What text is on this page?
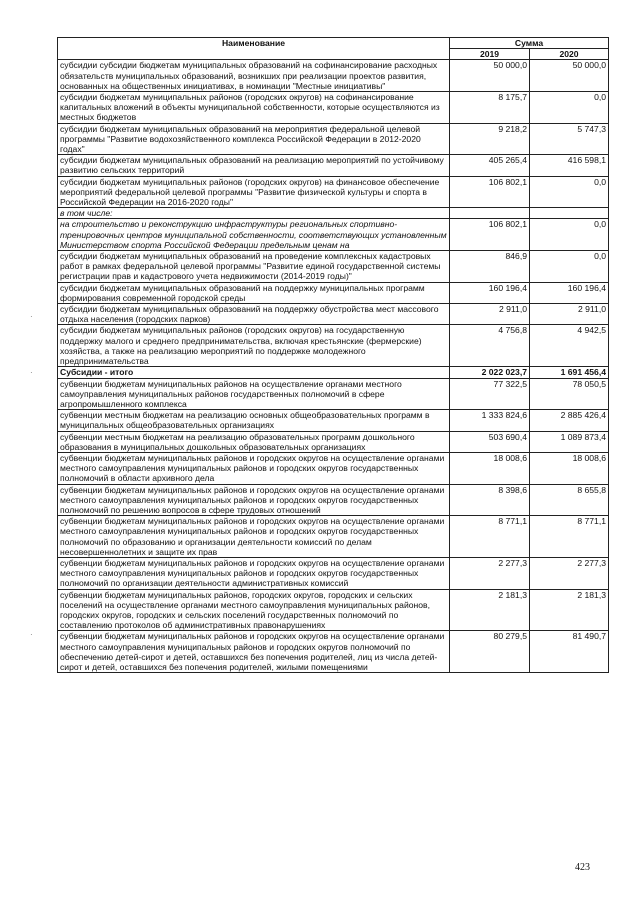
Наименование	Сумма	
	2019	2020
субсидии субсидии бюджетам муниципальных образований на софинансирование расходных обязательств муниципальных образований, возникших при реализации проектов развития, основанных на общественных инициативах, в номинации "Местные инициативы"	50 000,0	50 000,0
субсидии бюджетам муниципальных районов (городских округов) на софинансирование капитальных вложений в объекты муниципальной собственности, которые осуществляются из местных бюджетов	8 175,7	0,0
субсидии бюджетам муниципальных образований на мероприятия федеральной целевой программы "Развитие водохозяйственного комплекса Российской Федерации в 2012-2020 годах"	9 218,2	5 747,3
субсидии бюджетам муниципальных образований на реализацию мероприятий по устойчивому развитию сельских территорий	405 265,4	416 598,1
субсидии бюджетам муниципальных районов (городских округов) на финансовое обеспечение мероприятий федеральной целевой программы "Развитие физической культуры и спорта в Российской Федерации на 2016-2020 годы"	106 802,1	0,0
в том числе:		
на строительство и реконструкцию инфраструктуры региональных спортивно-тренировочных центров муниципальной собственности, соответствующих установленным Министерством спорта Российской Федерации предельным ценам на	106 802,1	0,0
субсидии бюджетам муниципальных образований на проведение комплексных кадастровых работ в рамках федеральной целевой программы "Развитие единой государственной системы регистрации прав и кадастрового учета недвижимости (2014-2019 годы)"	846,9	0,0
субсидии бюджетам муниципальных образований на поддержку муниципальных программ формирования современной городской среды	160 196,4	160 196,4
субсидии бюджетам муниципальных образований на поддержку обустройства мест массового отдыха населения (городских парков)	2 911,0	2 911,0
субсидии бюджетам муниципальных районов (городских округов) на государственную поддержку малого и среднего предпринимательства, включая крестьянские (фермерские) хозяйства, а также на реализацию мероприятий по поддержке молодежного предпринимательства	4 756,8	4 942,5
Субсидии - итого	2 022 023,7	1 691 456,4
субвенции бюджетам муниципальных районов на осуществление органами местного самоуправления муниципальных районов государственных полномочий в сфере агропромышленного комплекса	77 322,5	78 050,5
субвенции местным бюджетам на реализацию основных общеобразовательных программ в муниципальных общеобразовательных организациях	1 333 824,6	2 885 426,4
субвенции местным бюджетам на реализацию образовательных программ дошкольного образования в муниципальных дошкольных образовательных организациях	503 690,4	1 089 873,4
субвенции бюджетам муниципальных районов и городских округов на осуществление органами местного самоуправления муниципальных районов и городских округов государственных полномочий в области архивного дела	18 008,6	18 008,6
субвенции бюджетам муниципальных районов и городских округов на осуществление органами местного самоуправления муниципальных районов и городских округов государственных полномочий по решению вопросов в сфере трудовых отношений	8 398,6	8 655,8
субвенции бюджетам муниципальных районов и городских округов на осуществление органами местного самоуправления муниципальных районов и городских округов государственных полномочий по образованию и организации деятельности комиссий по делам несовершеннолетних и защите их прав	8 771,1	8 771,1
субвенции бюджетам муниципальных районов и городских округов на осуществление органами местного самоуправления муниципальных районов и городских округов государственных полномочий по организации деятельности административных комиссий	2 277,3	2 277,3
субвенции бюджетам муниципальных районов, городских округов, городских и сельских поселений на осуществление органами местного самоуправления муниципальных районов, городских округов, городских и сельских поселений государственных полномочий по составлению протоколов об административных правонарушениях	2 181,3	2 181,3
субвенции бюджетам муниципальных районов и городских округов на осуществление органами местного самоуправления муниципальных районов и городских округов полномочий по обеспечению детей-сирот и детей, оставшихся без попечения родителей, лиц из числа детей-сирот и детей, оставшихся без попечения родителей, жилыми помещениями	80 279,5	81 490,7
423
·
·
·
